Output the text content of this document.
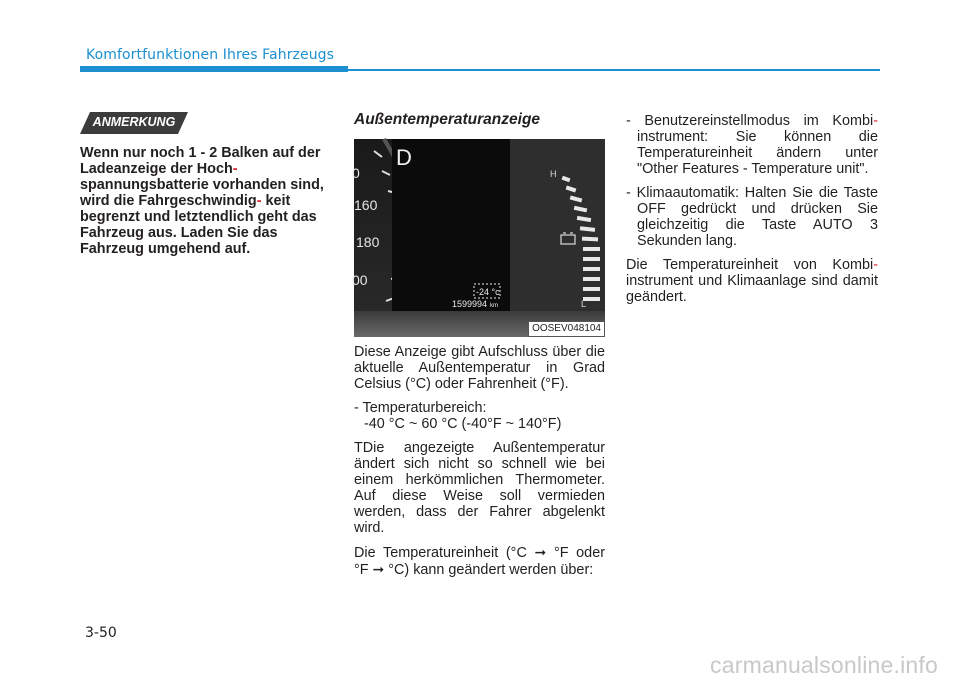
Komfortfunktionen Ihres Fahrzeugs
ANMERKUNG
Wenn nur noch 1 - 2 Balken auf der Ladeanzeige der Hoch- spannungsbatterie vorhanden sind, wird die Fahrgeschwindig- keit begrenzt und letztendlich geht das Fahrzeug aus. Laden Sie das Fahrzeug umgehend auf.
Außentemperaturanzeige
0
160
180
00
D
-24 °c
1599994 km
H
L
OOSEV048104

Diese Anzeige gibt Aufschluss über die aktuelle Außentemperatur in Grad Celsius (°C) oder Fahrenheit (°F).

- Temperaturbereich:
-40 °C ~ 60 °C (-40°F ~ 140°F)

TDie angezeigte Außentemperatur ändert sich nicht so schnell wie bei einem herkömmlichen Thermometer. Auf diese Weise soll vermieden werden, dass der Fahrer abgelenkt wird.

Die Temperatureinheit (°C ➞ °F oder °F ➞ °C) kann geändert werden über:

- Benutzereinstellmodus im Kombi- instrument: Sie können die Temperatureinheit ändern unter "Other Features - Temperature unit".

- Klimaautomatik: Halten Sie die Taste OFF gedrückt und drücken Sie gleichzeitig die Taste AUTO 3 Sekunden lang.

Die Temperatureinheit von Kombi- instrument und Klimaanlage sind damit geändert.

3-50
carmanualsonline.info
